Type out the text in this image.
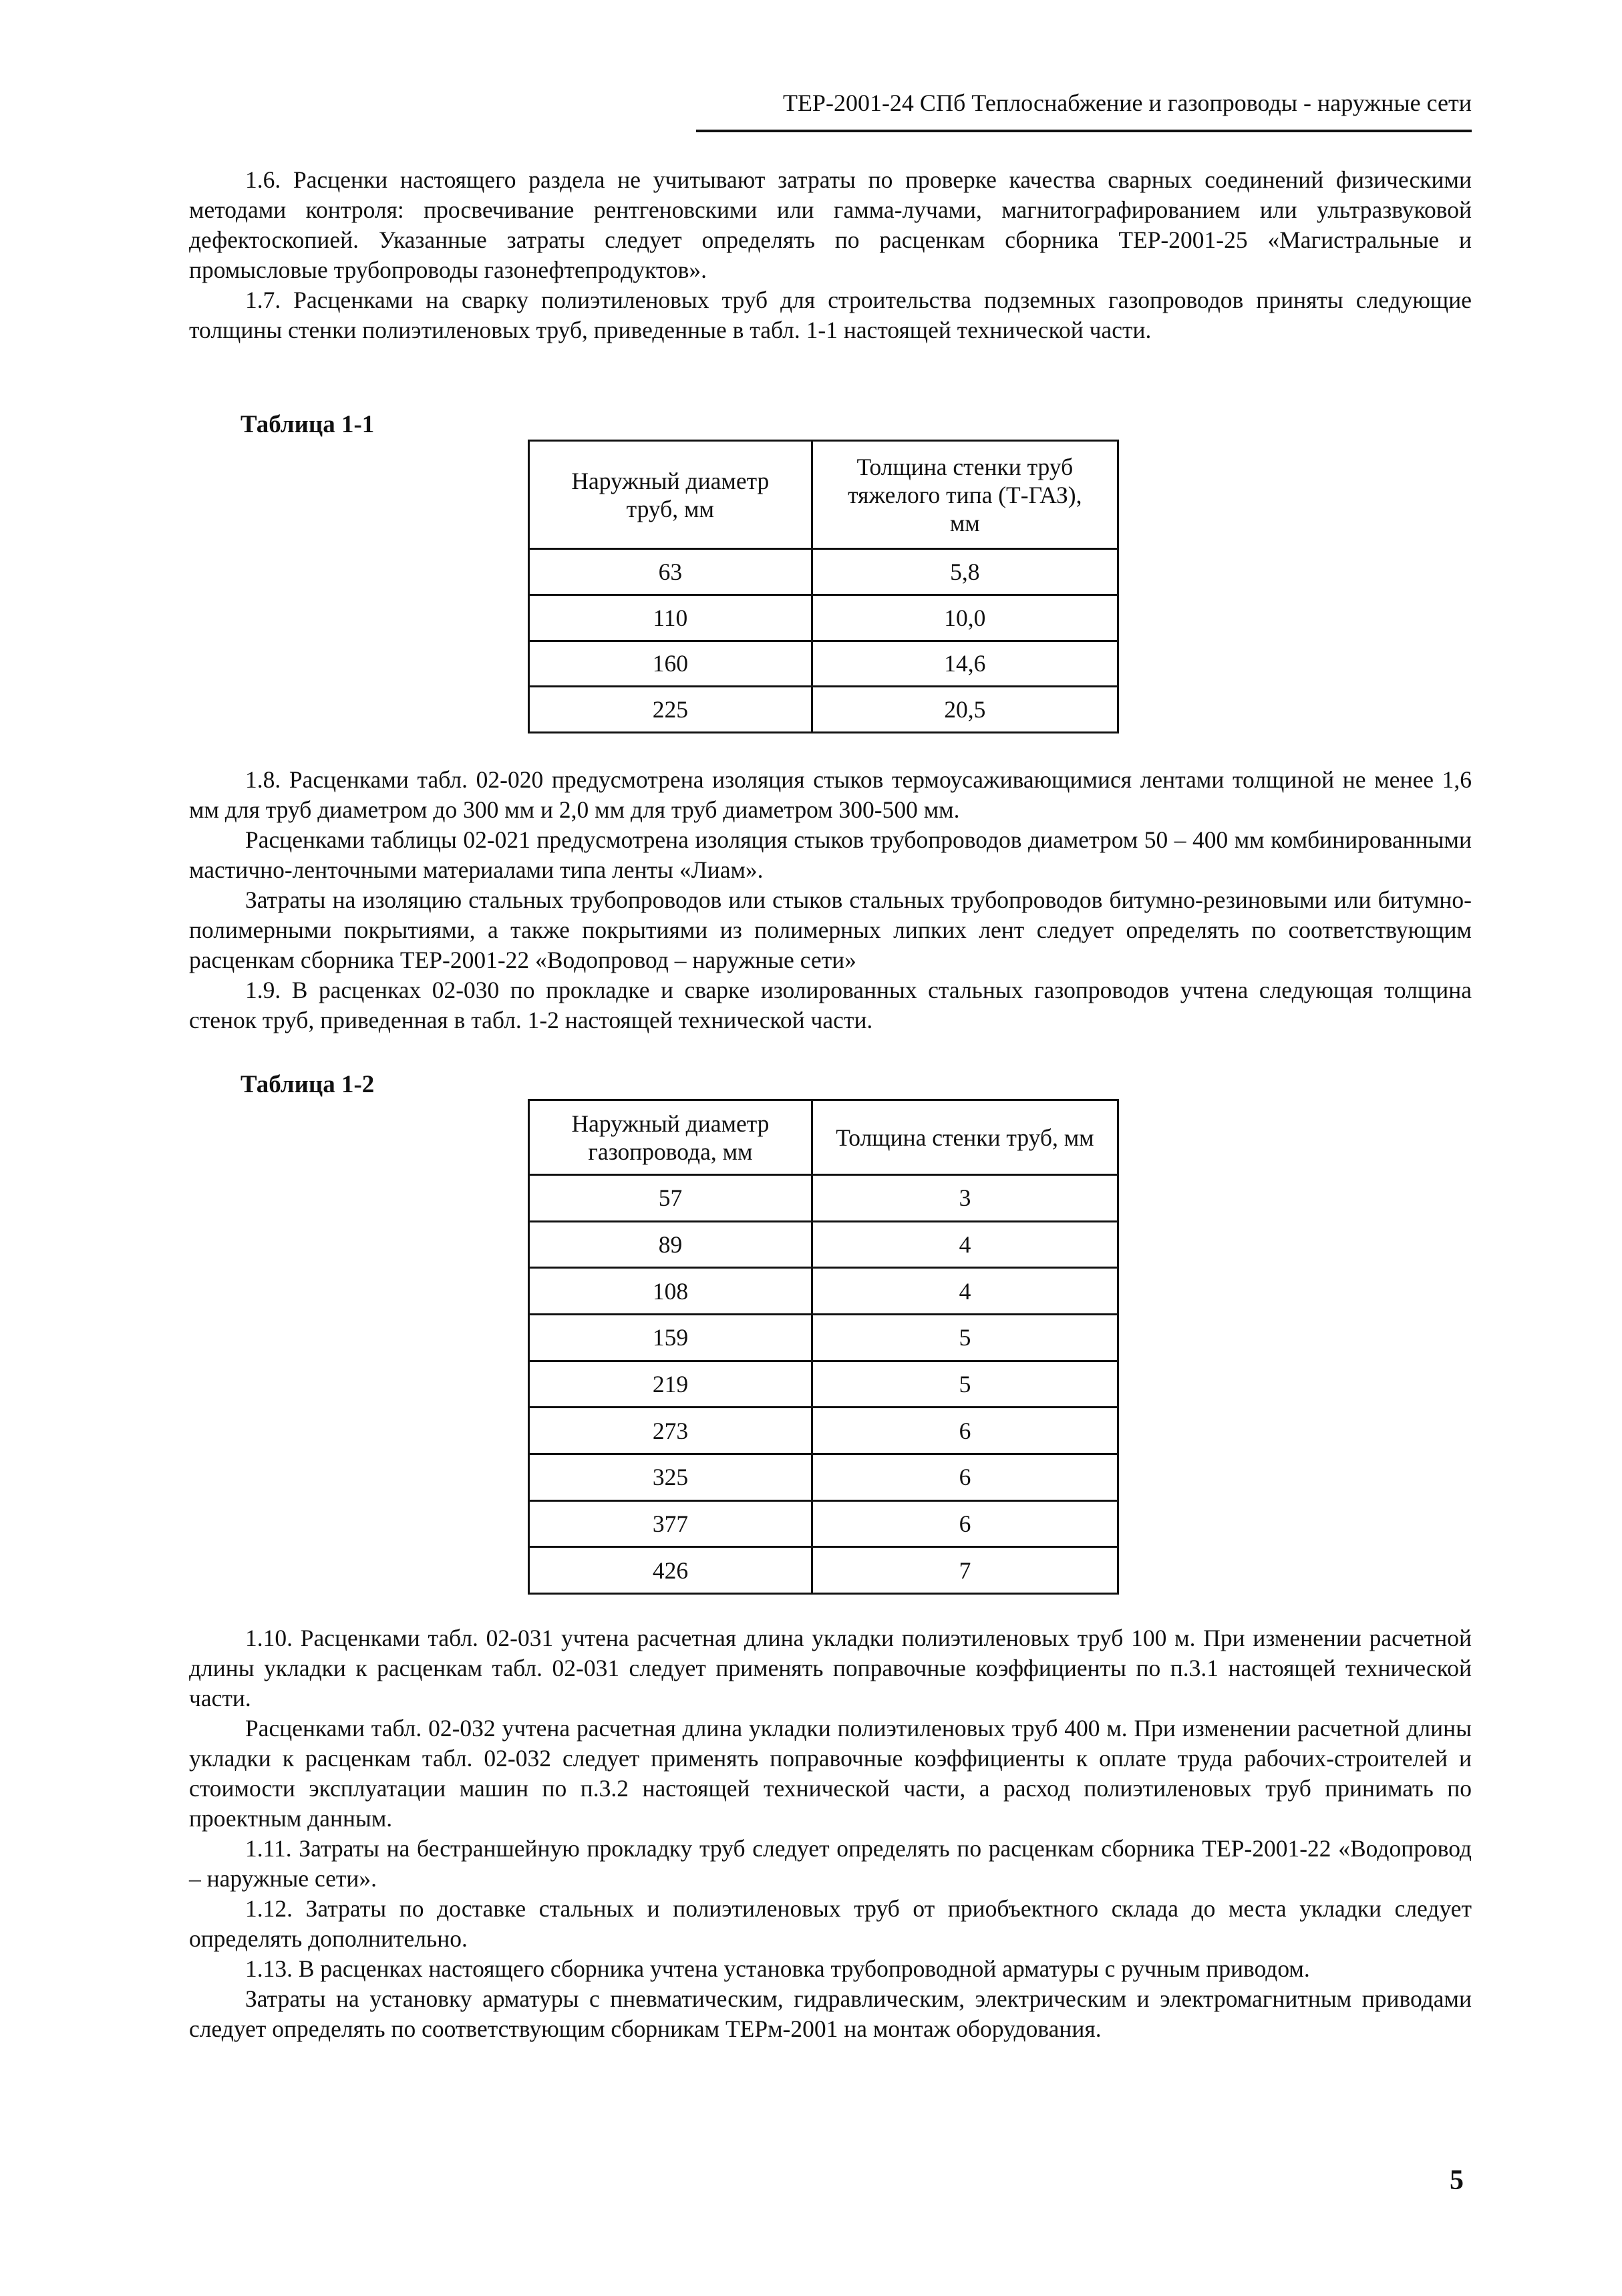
ТЕР-2001-24 СПб Теплоснабжение и газопроводы - наружные сети

1.6. Расценки настоящего раздела не учитывают затраты по проверке качества сварных соединений физическими методами контроля: просвечивание рентгеновскими или гамма-лучами, магнитографированием или ультразвуковой дефектоскопией. Указанные затраты следует определять по расценкам сборника ТЕР-2001-25 «Магистральные и промысловые трубопроводы газонефтепродуктов».

1.7. Расценками на сварку полиэтиленовых труб для строительства подземных газопроводов приняты следующие толщины стенки полиэтиленовых труб, приведенные в табл. 1-1 настоящей технической части.

Таблица 1-1
Наружный диаметр труб, мм	Толщина стенки труб тяжелого типа (Т-ГАЗ), мм
63	5,8
110	10,0
160	14,6
225	20,5

1.8. Расценками табл. 02-020 предусмотрена изоляция стыков термоусаживающимися лентами толщиной не менее 1,6 мм для труб диаметром до 300 мм и 2,0 мм для труб диаметром 300-500 мм.

Расценками таблицы 02-021 предусмотрена изоляция стыков трубопроводов диаметром 50 – 400 мм комбинированными мастично-ленточными материалами типа ленты «Лиам».

Затраты на изоляцию стальных трубопроводов или стыков стальных трубопроводов битумно-резиновыми или битумно-полимерными покрытиями, а также покрытиями из полимерных липких лент следует определять по соответствующим расценкам сборника ТЕР-2001-22 «Водопровод – наружные сети»

1.9. В расценках 02-030 по прокладке и сварке изолированных стальных газопроводов учтена следующая толщина стенок труб, приведенная в табл. 1-2 настоящей технической части.

Таблица 1-2
Наружный диаметр газопровода, мм	Толщина стенки труб, мм
57	3
89	4
108	4
159	5
219	5
273	6
325	6
377	6
426	7

1.10. Расценками табл. 02-031 учтена расчетная длина укладки полиэтиленовых труб 100 м. При изменении расчетной длины укладки к расценкам табл. 02-031 следует применять поправочные коэффициенты по п.3.1 настоящей технической части.

Расценками табл. 02-032 учтена расчетная длина укладки полиэтиленовых труб 400 м. При изменении расчетной длины укладки к расценкам табл. 02-032 следует применять поправочные коэффициенты к оплате труда рабочих-строителей и стоимости эксплуатации машин по п.3.2 настоящей технической части, а расход полиэтиленовых труб принимать по проектным данным.

1.11. Затраты на бестраншейную прокладку труб следует определять по расценкам сборника ТЕР-2001-22 «Водопровод – наружные сети».

1.12. Затраты по доставке стальных и полиэтиленовых труб от приобъектного склада до места укладки следует определять дополнительно.

1.13. В расценках настоящего сборника учтена установка трубопроводной арматуры с ручным приводом.

Затраты на установку арматуры с пневматическим, гидравлическим, электрическим и электромагнитным приводами следует определять по соответствующим сборникам ТЕРм-2001 на монтаж оборудования.

5
